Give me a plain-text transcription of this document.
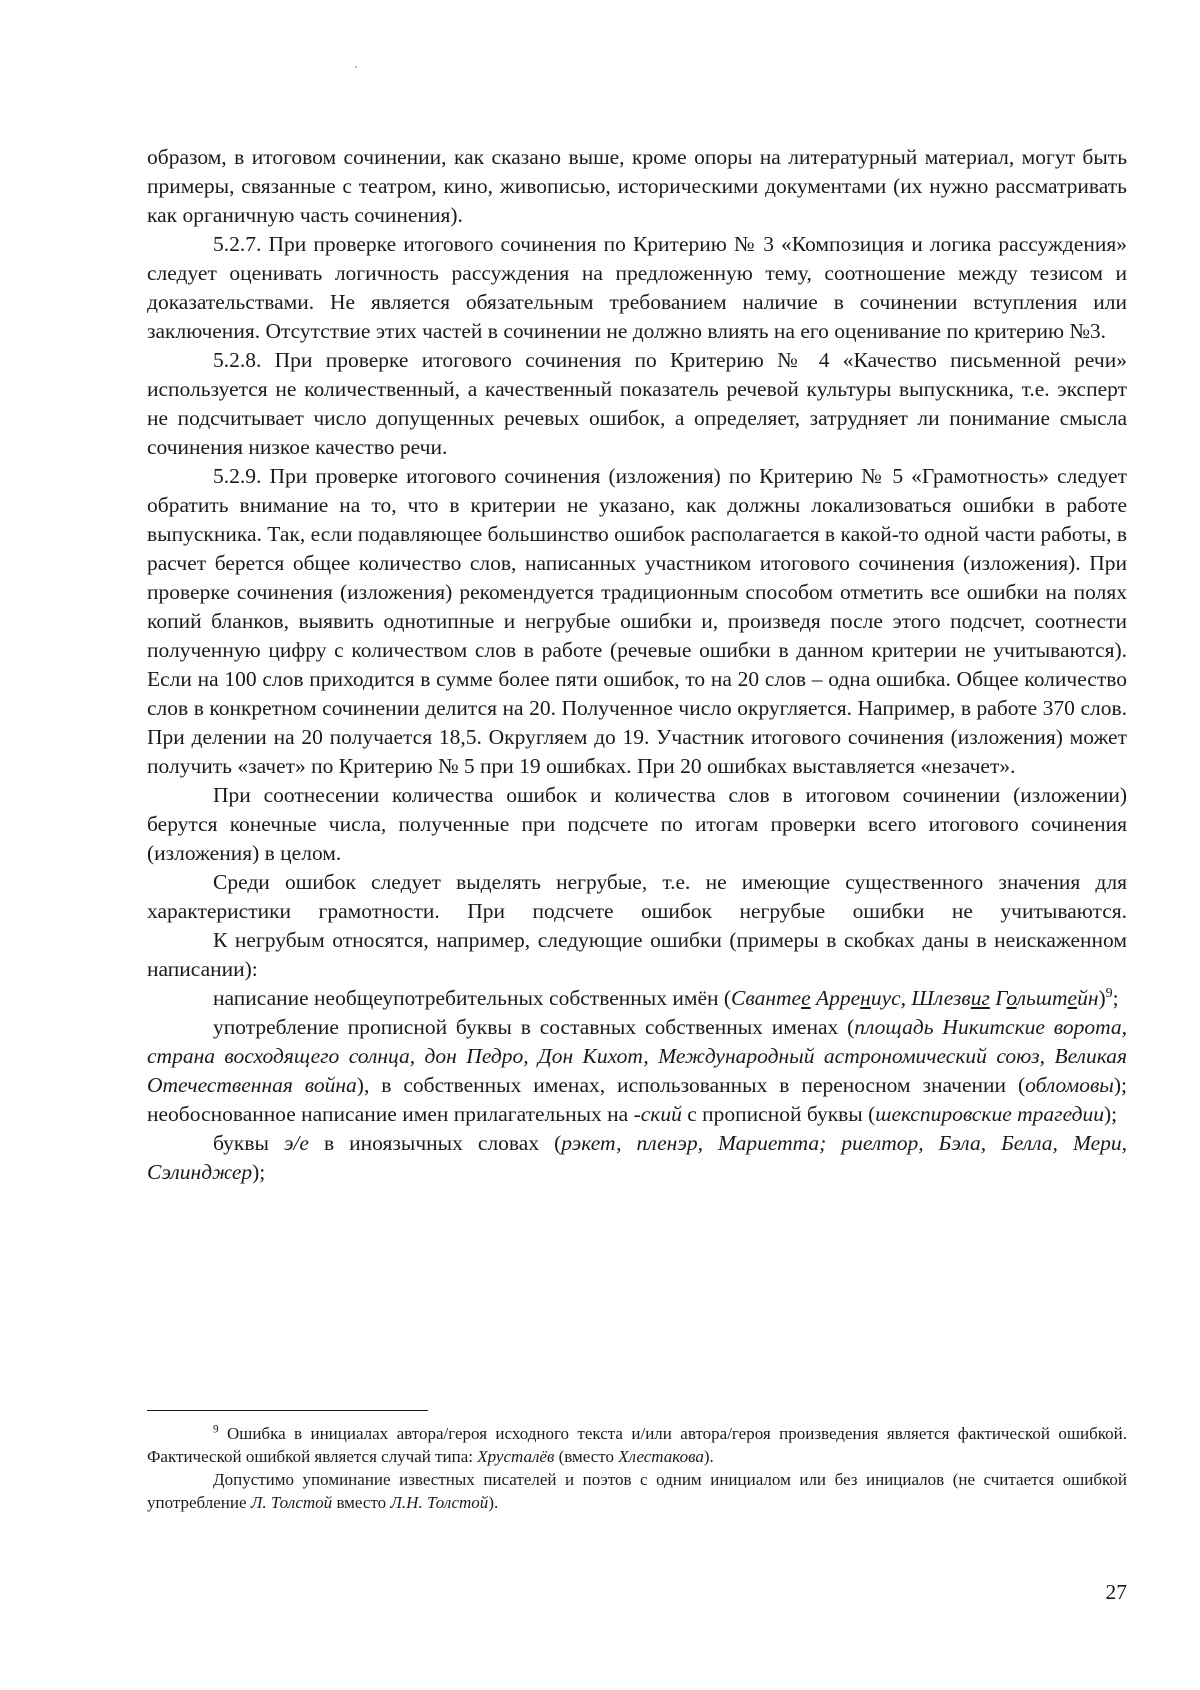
образом, в итоговом сочинении, как сказано выше, кроме опоры на литературный материал, могут быть примеры, связанные с театром, кино, живописью, историческими документами (их нужно рассматривать как органичную часть сочинения).

5.2.7. При проверке итогового сочинения по Критерию № 3 «Композиция и логика рассуждения» следует оценивать логичность рассуждения на предложенную тему, соотношение между тезисом и доказательствами. Не является обязательным требованием наличие в сочинении вступления или заключения. Отсутствие этих частей в сочинении не должно влиять на его оценивание по критерию №3.

5.2.8. При проверке итогового сочинения по Критерию № 4 «Качество письменной речи» используется не количественный, а качественный показатель речевой культуры выпускника, т.е. эксперт не подсчитывает число допущенных речевых ошибок, а определяет, затрудняет ли понимание смысла сочинения низкое качество речи.

5.2.9. При проверке итогового сочинения (изложения) по Критерию № 5 «Грамотность» следует обратить внимание на то, что в критерии не указано, как должны локализоваться ошибки в работе выпускника. Так, если подавляющее большинство ошибок располагается в какой-то одной части работы, в расчет берется общее количество слов, написанных участником итогового сочинения (изложения). При проверке сочинения (изложения) рекомендуется традиционным способом отметить все ошибки на полях копий бланков, выявить однотипные и негрубые ошибки и, произведя после этого подсчет, соотнести полученную цифру с количеством слов в работе (речевые ошибки в данном критерии не учитываются). Если на 100 слов приходится в сумме более пяти ошибок, то на 20 слов – одна ошибка. Общее количество слов в конкретном сочинении делится на 20. Полученное число округляется. Например, в работе 370 слов. При делении на 20 получается 18,5. Округляем до 19. Участник итогового сочинения (изложения) может получить «зачет» по Критерию № 5 при 19 ошибках. При 20 ошибках выставляется «незачет».

При соотнесении количества ошибок и количества слов в итоговом сочинении (изложении) берутся конечные числа, полученные при подсчете по итогам проверки всего итогового сочинения (изложения) в целом.

Среди ошибок следует выделять негрубые, т.е. не имеющие существенного значения для характеристики грамотности. При подсчете ошибок негрубые ошибки не учитываются.

К негрубым относятся, например, следующие ошибки (примеры в скобках даны в неискаженном написании):

написание необщеупотребительных собственных имён (Свантее Аррениус, Шлезвиг Гольштейн)$^9$;

употребление прописной буквы в составных собственных именах (площадь Никитские ворота, страна восходящего солнца, дон Педро, Дон Кихот, Международный астрономический союз, Великая Отечественная война), в собственных именах, использованных в переносном значении (обломовы); необоснованное написание имен прилагательных на -ский с прописной буквы (шекспировские трагедии);

буквы э/е в иноязычных словах (рэкет, пленэр, Мариетта; риелтор, Бэла, Белла, Мери, Сэлинджер);

$^9$ Ошибка в инициалах автора/героя исходного текста и/или автора/героя произведения является фактической ошибкой. Фактической ошибкой является случай типа: Хрусталёв (вместо Хлестакова).

Допустимо упоминание известных писателей и поэтов с одним инициалом или без инициалов (не считается ошибкой употребление Л. Толстой вместо Л.Н. Толстой).

27
